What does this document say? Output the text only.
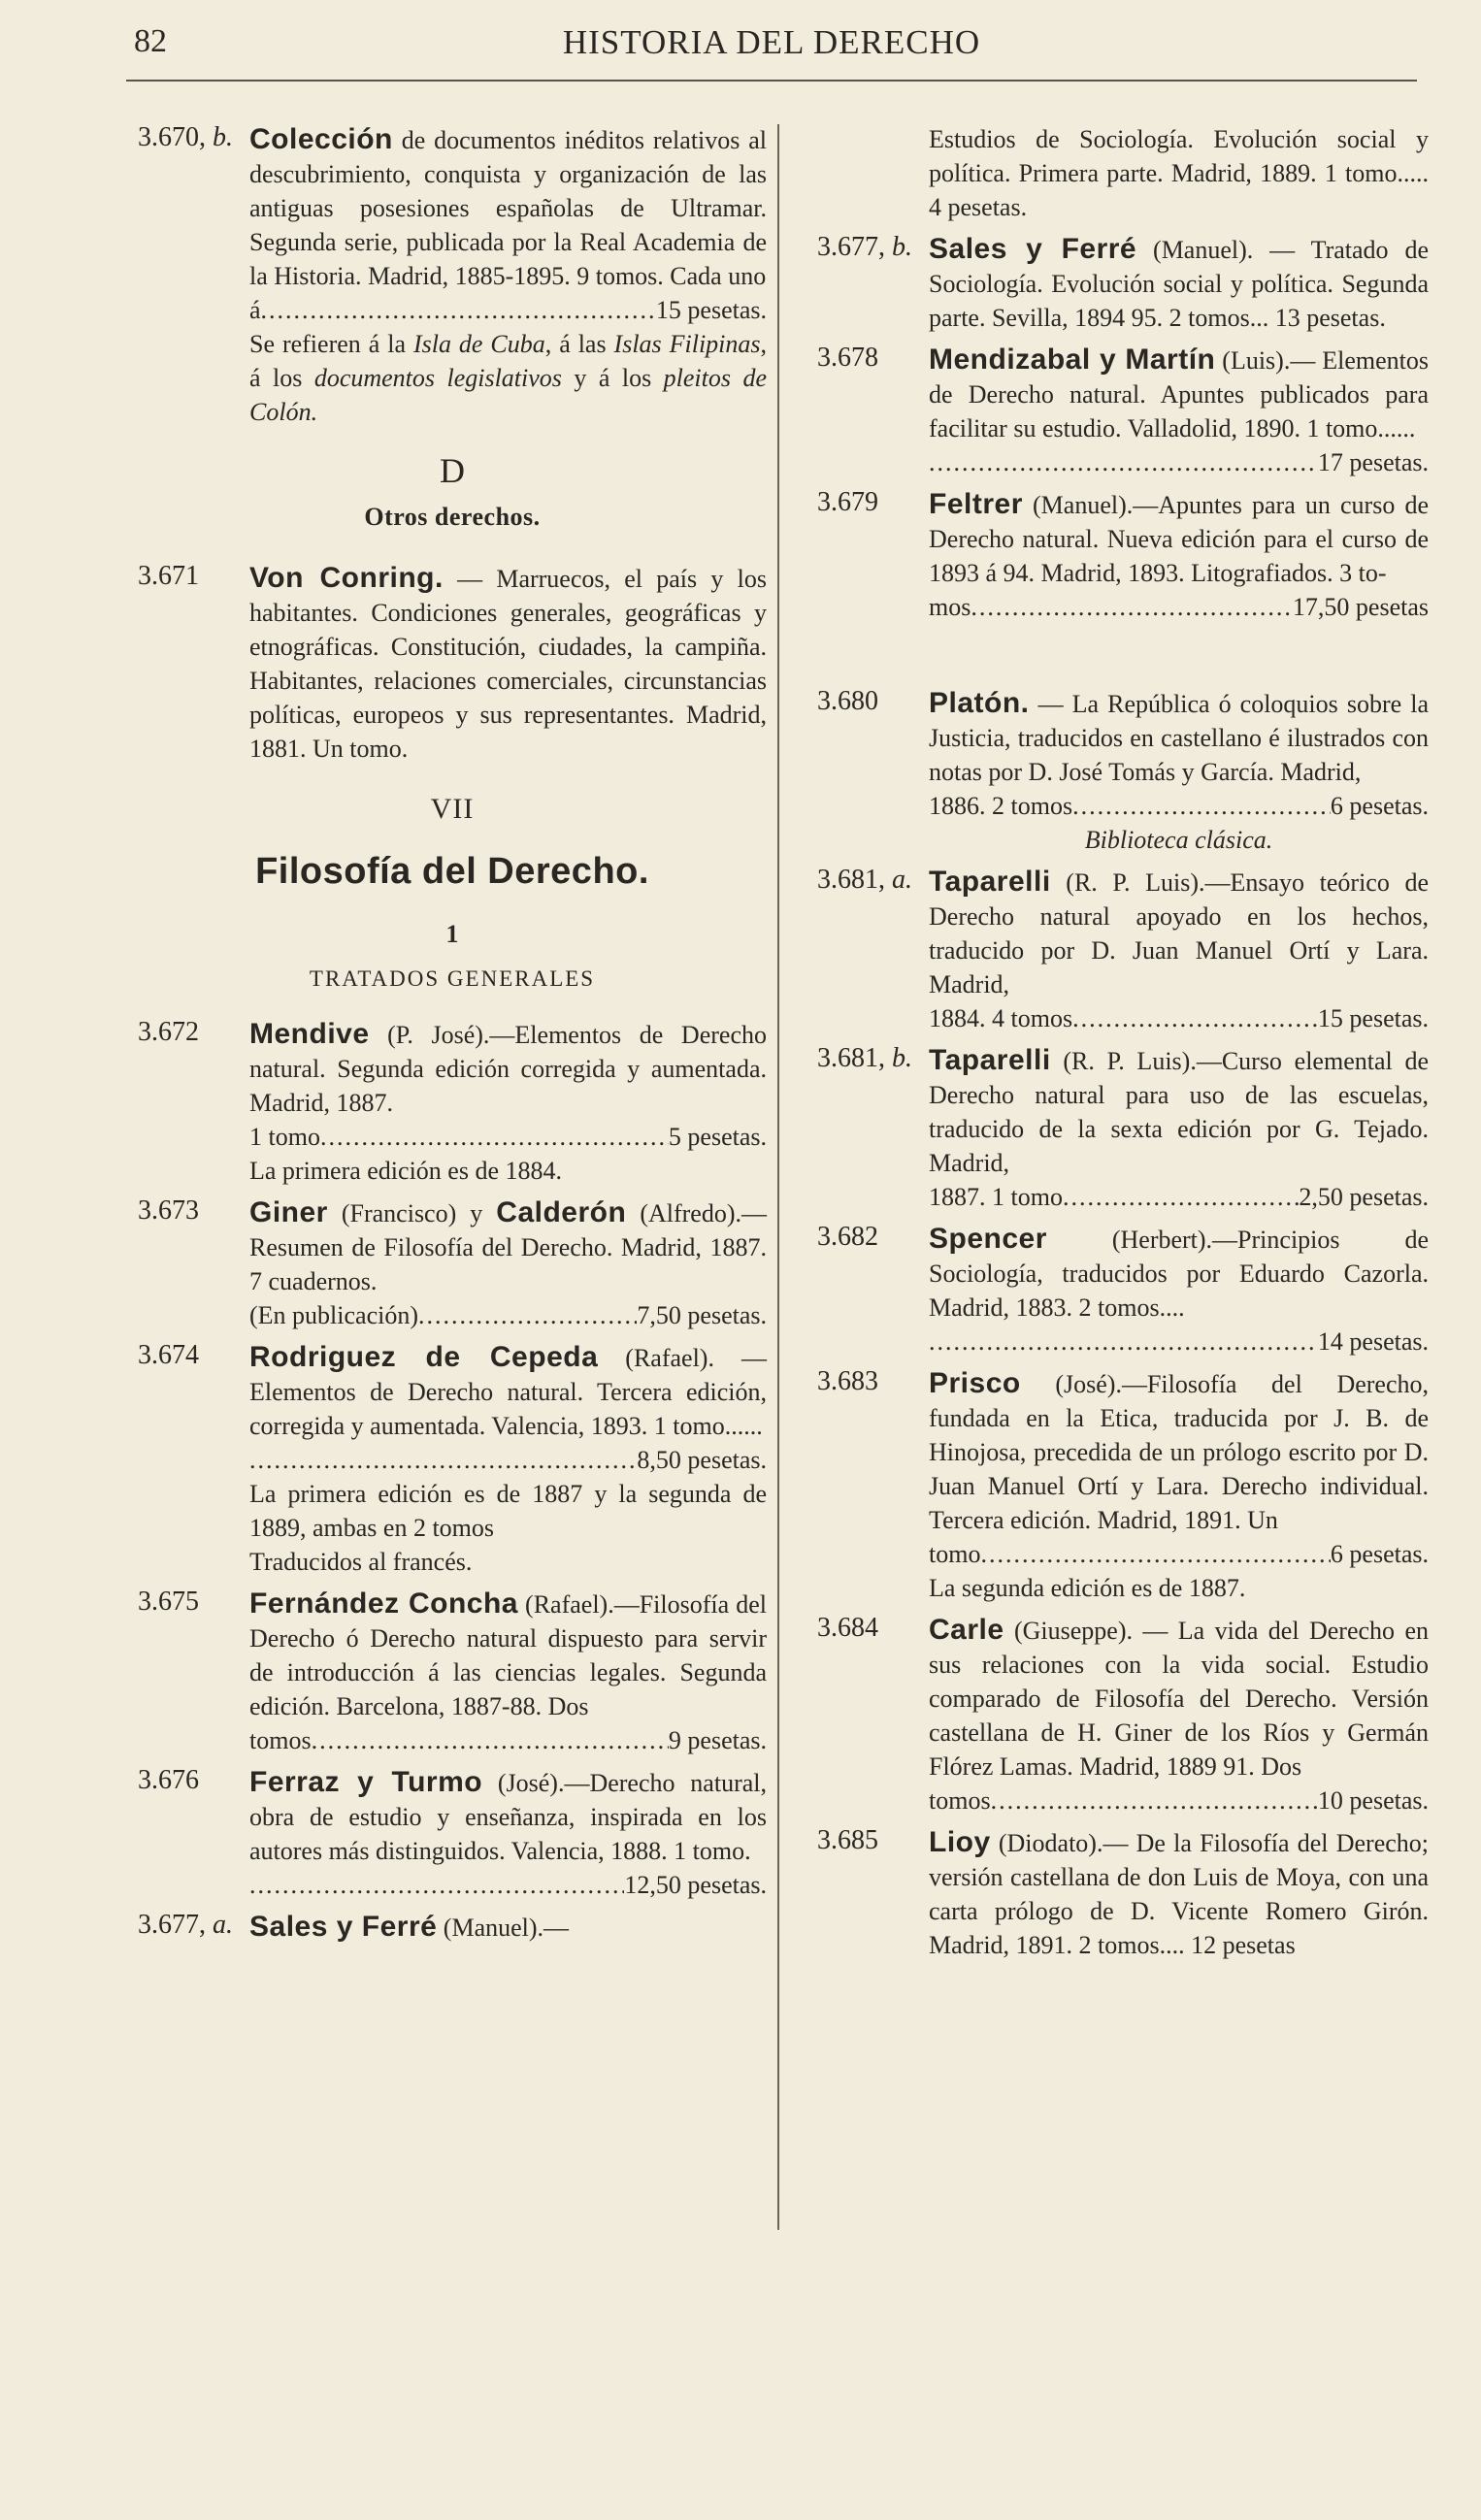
82	HISTORIA DEL DERECHO
3.670, b. Colección de documentos inéditos relativos al descubrimiento, conquista y organización de las antiguas posesiones españolas de Ultramar. Segunda serie, publicada por la Real Academia de la Historia. Madrid, 1885-1895. 9 tomos. Cada uno
á .....	15 pesetas.
Se refieren á la Isla de Cuba, á las Islas Filipinas, á los documentos legislativos y á los pleitos de Colón.
D
Otros derechos.
3.671 Von Conring. — Marruecos, el país y los habitantes. Condiciones generales, geográficas y etnográficas. Constitución, ciudades, la campiña. Habitantes, relaciones comerciales, circunstancias políticas, europeos y sus representantes. Madrid, 1881. Un tomo.
VII
Filosofía del Derecho.
1
TRATADOS GENERALES
3.672 Mendive (P. José).—Elementos de Derecho natural. Segunda edición corregida y aumentada. Madrid, 1887.
1 tomo .....	5 pesetas.
La primera edición es de 1884.
3.673 Giner (Francisco) y Calderón (Alfredo).—Resumen de Filosofía del Derecho. Madrid, 1887. 7 cuadernos.
(En publicación) .....	7,50 pesetas.
3.674 Rodriguez de Cepeda (Rafael). —Elementos de Derecho natural. Tercera edición, corregida y aumentada. Valencia, 1893. 1 tomo......
.....
8,50 pesetas.
La primera edición es de 1887 y la segunda de 1889, ambas en 2 tomos
Traducidos al francés.
3.675 Fernández Concha (Rafael).—Filosofía del Derecho ó Derecho natural dispuesto para servir de introducción á las ciencias legales. Segunda edición. Barcelona, 1887-88. Dos
tomos .....	9 pesetas.
3.676 Ferraz y Turmo (José).—Derecho natural, obra de estudio y enseñanza, inspirada en los autores más distinguidos. Valencia, 1888. 1 tomo.
.....
12,50 pesetas.
3.677, a. Sales y Ferré (Manuel).—
Estudios de Sociología. Evolución social y política. Primera parte. Madrid, 1889. 1 tomo..... 4 pesetas.
3.677, b. Sales y Ferré (Manuel). — Tratado de Sociología. Evolución social y política. Segunda parte. Sevilla, 1894 95. 2 tomos... 13 pesetas.
3.678 Mendizabal y Martín (Luis).— Elementos de Derecho natural. Apuntes publicados para facilitar su estudio. Valladolid, 1890. 1 tomo......
.....
17 pesetas.
3.679 Feltrer (Manuel).—Apuntes para un curso de Derecho natural. Nueva edición para el curso de 1893 á 94. Madrid, 1893. Litografiados. 3 to-
mos .....	17,50 pesetas
3.680 Platón. — La República ó coloquios sobre la Justicia, traducidos en castellano é ilustrados con notas por D. José Tomás y García. Madrid,
1886. 2 tomos .....	6 pesetas.
Biblioteca clásica.
3.681, a. Taparelli (R. P. Luis).—Ensayo teórico de Derecho natural apoyado en los hechos, traducido por D. Juan Manuel Ortí y Lara. Madrid,
1884. 4 tomos .....	15 pesetas.
3.681, b. Taparelli (R. P. Luis).—Curso elemental de Derecho natural para uso de las escuelas, traducido de la sexta edición por G. Tejado. Madrid,
1887. 1 tomo .....	2,50 pesetas.
3.682 Spencer (Herbert).—Principios de Sociología, traducidos por Eduardo Cazorla. Madrid, 1883. 2 tomos....
.....
14 pesetas.
3.683 Prisco (José).—Filosofía del Derecho, fundada en la Etica, traducida por J. B. de Hinojosa, precedida de un prólogo escrito por D. Juan Manuel Ortí y Lara. Derecho individual. Tercera edición. Madrid, 1891. Un
tomo .....	6 pesetas.
La segunda edición es de 1887.
3.684 Carle (Giuseppe). — La vida del Derecho en sus relaciones con la vida social. Estudio comparado de Filosofía del Derecho. Versión castellana de H. Giner de los Ríos y Germán Flórez Lamas. Madrid, 1889 91. Dos
tomos .....	10 pesetas.
3.685 Lioy (Diodato).— De la Filosofía del Derecho; versión castellana de don Luis de Moya, con una carta prólogo de D. Vicente Romero Girón. Madrid, 1891. 2 tomos.... 12 pesetas
